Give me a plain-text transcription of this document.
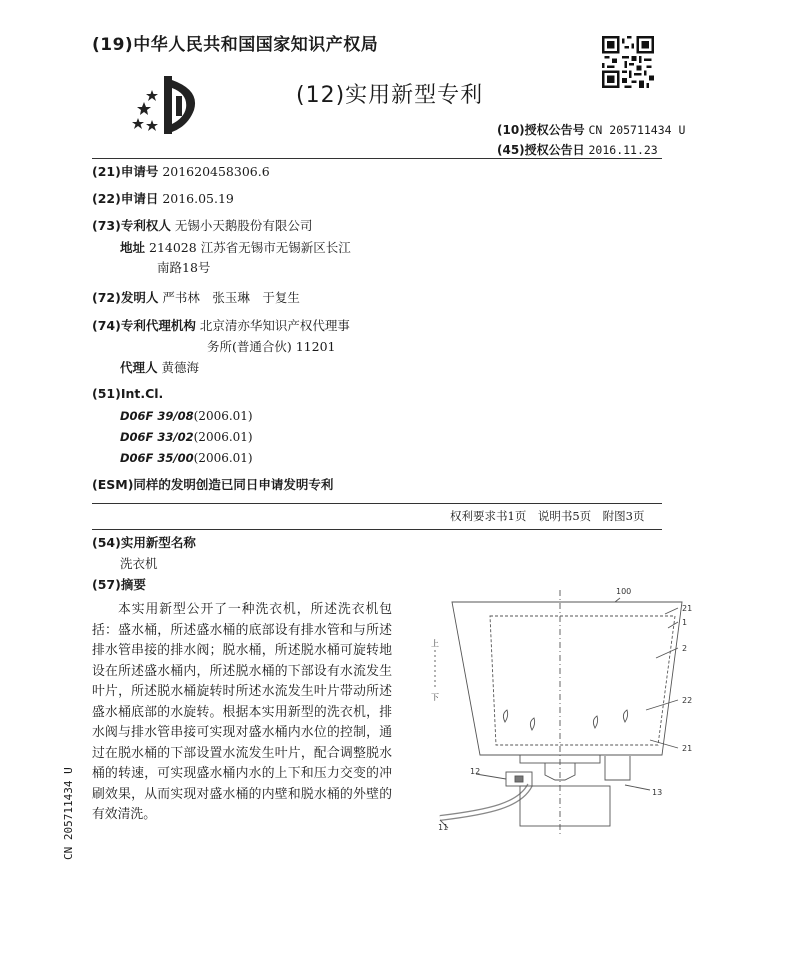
(19)中华人民共和国国家知识产权局
(12)实用新型专利
(10)授权公告号 CN 205711434 U
(45)授权公告日 2016.11.23
(21)申请号 201620458306.6
(22)申请日 2016.05.19
(73)专利权人 无锡小天鹅股份有限公司
地址 214028 江苏省无锡市无锡新区长江
南路18号
(72)发明人 严书林　张玉琳　于复生
(74)专利代理机构 北京清亦华知识产权代理事
务所(普通合伙) 11201
代理人 黄德海
(51)Int.Cl.
D06F 39/08(2006.01)
D06F 33/02(2006.01)
D06F 35/00(2006.01)
(ESM)同样的发明创造已同日申请发明专利
权利要求书1页　说明书5页　附图3页
(54)实用新型名称
洗衣机
(57)摘要

本实用新型公开了一种洗衣机，所述洗衣机包括：盛水桶，所述盛水桶的底部设有排水管和与所述排水管串接的排水阀；脱水桶，所述脱水桶可旋转地设在所述盛水桶内，所述脱水桶的下部设有水流发生叶片，所述脱水桶旋转时所述水流发生叶片带动所述盛水桶底部的水旋转。根据本实用新型的洗衣机，排水阀与排水管串接可实现对盛水桶内水位的控制，通过在脱水桶的下部设置水流发生叶片，配合调整脱水桶的转速，可实现盛水桶内水的上下和压力交变的冲刷效果，从而实现对盛水桶的内壁和脱水桶的外壁的有效清洗。

100
21
1
2
22
21
12
13
11
上
下
CN 205711434 U
